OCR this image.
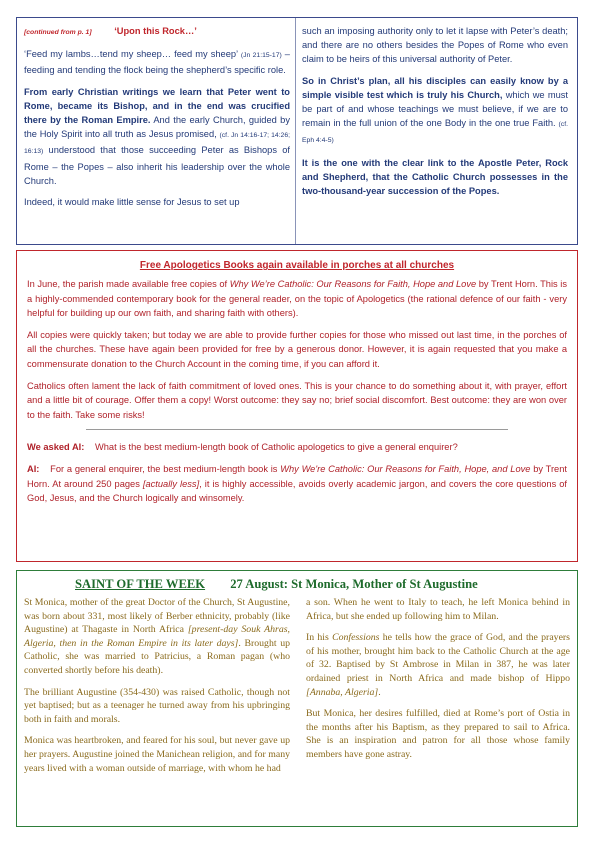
[continued from p. 1] ‘Upon this Rock…’

‘Feed my lambs…tend my sheep… feed my sheep’ (Jn 21:15-17) – feeding and tending the flock being the shepherd’s specific role.

From early Christian writings we learn that Peter went to Rome, became its Bishop, and in the end was crucified there by the Roman Empire. And the early Church, guided by the Holy Spirit into all truth as Jesus promised, (cf. Jn 14:16-17; 14:26; 16:13) understood that those succeeding Peter as Bishops of Rome – the Popes – also inherit his leadership over the whole Church.

Indeed, it would make little sense for Jesus to set up

such an imposing authority only to let it lapse with Peter’s death; and there are no others besides the Popes of Rome who even claim to be heirs of this universal authority of Peter.

So in Christ’s plan, all his disciples can easily know by a simple visible test which is truly his Church, which we must be part of and whose teachings we must believe, if we are to remain in the full union of the one Body in the one true Faith. (cf. Eph 4:4-5)

It is the one with the clear link to the Apostle Peter, Rock and Shepherd, that the Catholic Church possesses in the two-thousand-year succession of the Popes.

Free Apologetics Books again available in porches at all churches

In June, the parish made available free copies of Why We’re Catholic: Our Reasons for Faith, Hope and Love by Trent Horn. This is a highly-commended contemporary book for the general reader, on the topic of Apologetics (the rational defence of our faith - very helpful for building up our own faith, and sharing faith with others).

All copies were quickly taken; but today we are able to provide further copies for those who missed out last time, in the porches of all the churches. These have again been provided for free by a generous donor. However, it is again requested that you make a commensurate donation to the Church Account in the coming time, if you can afford it.

Catholics often lament the lack of faith commitment of loved ones. This is your chance to do something about it, with prayer, effort and a little bit of courage. Offer them a copy! Worst outcome: they say no; brief social discomfort. Best outcome: they are won over to the faith. Take some risks!

We asked AI: What is the best medium-length book of Catholic apologetics to give a general enquirer?

AI: For a general enquirer, the best medium-length book is Why We're Catholic: Our Reasons for Faith, Hope, and Love by Trent Horn. At around 250 pages [actually less], it is highly accessible, avoids overly academic jargon, and covers the core questions of God, Jesus, and the Church logically and winsomely.

SAINT OF THE WEEK 27 August: St Monica, Mother of St Augustine

St Monica, mother of the great Doctor of the Church, St Augustine, was born about 331, most likely of Berber ethnicity, probably (like Augustine) at Thagaste in North Africa [present-day Souk Ahras, Algeria, then in the Roman Empire in its later days]. Brought up Catholic, she was married to Patricius, a Roman pagan (who converted shortly before his death).

The brilliant Augustine (354-430) was raised Catholic, though not yet baptised; but as a teenager he turned away from his upbringing both in faith and morals.

Monica was heartbroken, and feared for his soul, but never gave up her prayers. Augustine joined the Manichean religion, and for many years lived with a woman outside of marriage, with whom he had

a son. When he went to Italy to teach, he left Monica behind in Africa, but she ended up following him to Milan.

In his Confessions he tells how the grace of God, and the prayers of his mother, brought him back to the Catholic Church at the age of 32. Baptised by St Ambrose in Milan in 387, he was later ordained priest in North Africa and made bishop of Hippo [Annaba, Algeria].

But Monica, her desires fulfilled, died at Rome’s port of Ostia in the months after his Baptism, as they prepared to sail to Africa. She is an inspiration and patron for all those whose family members have gone astray.
